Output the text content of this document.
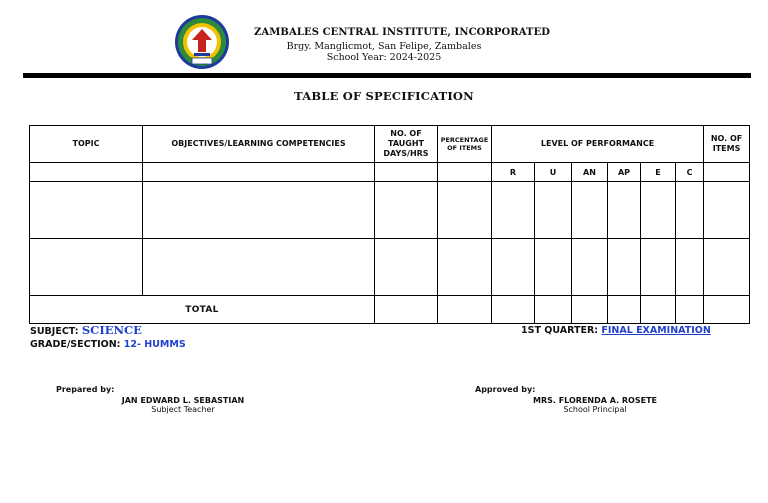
ZAMBALES CENTRAL INSTITUTE, INCORPORATED
Brgy. Manglicmot, San Felipe, Zambales
School Year: 2024-2025
TABLE OF SPECIFICATION
TOPIC	OBJECTIVES/LEARNING COMPETENCIES	NO. OF TAUGHT DAYS/HRS	PERCENTAGE OF ITEMS	LEVEL OF PERFORMANCE						NO. OF ITEMS
				R	U	AN	AP	E	C	

TOTAL										
SUBJECT: SCIENCE
GRADE/SECTION: 12- HUMMS
1ST QUARTER: FINAL EXAMINATION
Prepared by:
JAN EDWARD L. SEBASTIAN
Subject Teacher
Approved by:
MRS. FLORENDA A. ROSETE
School Principal
